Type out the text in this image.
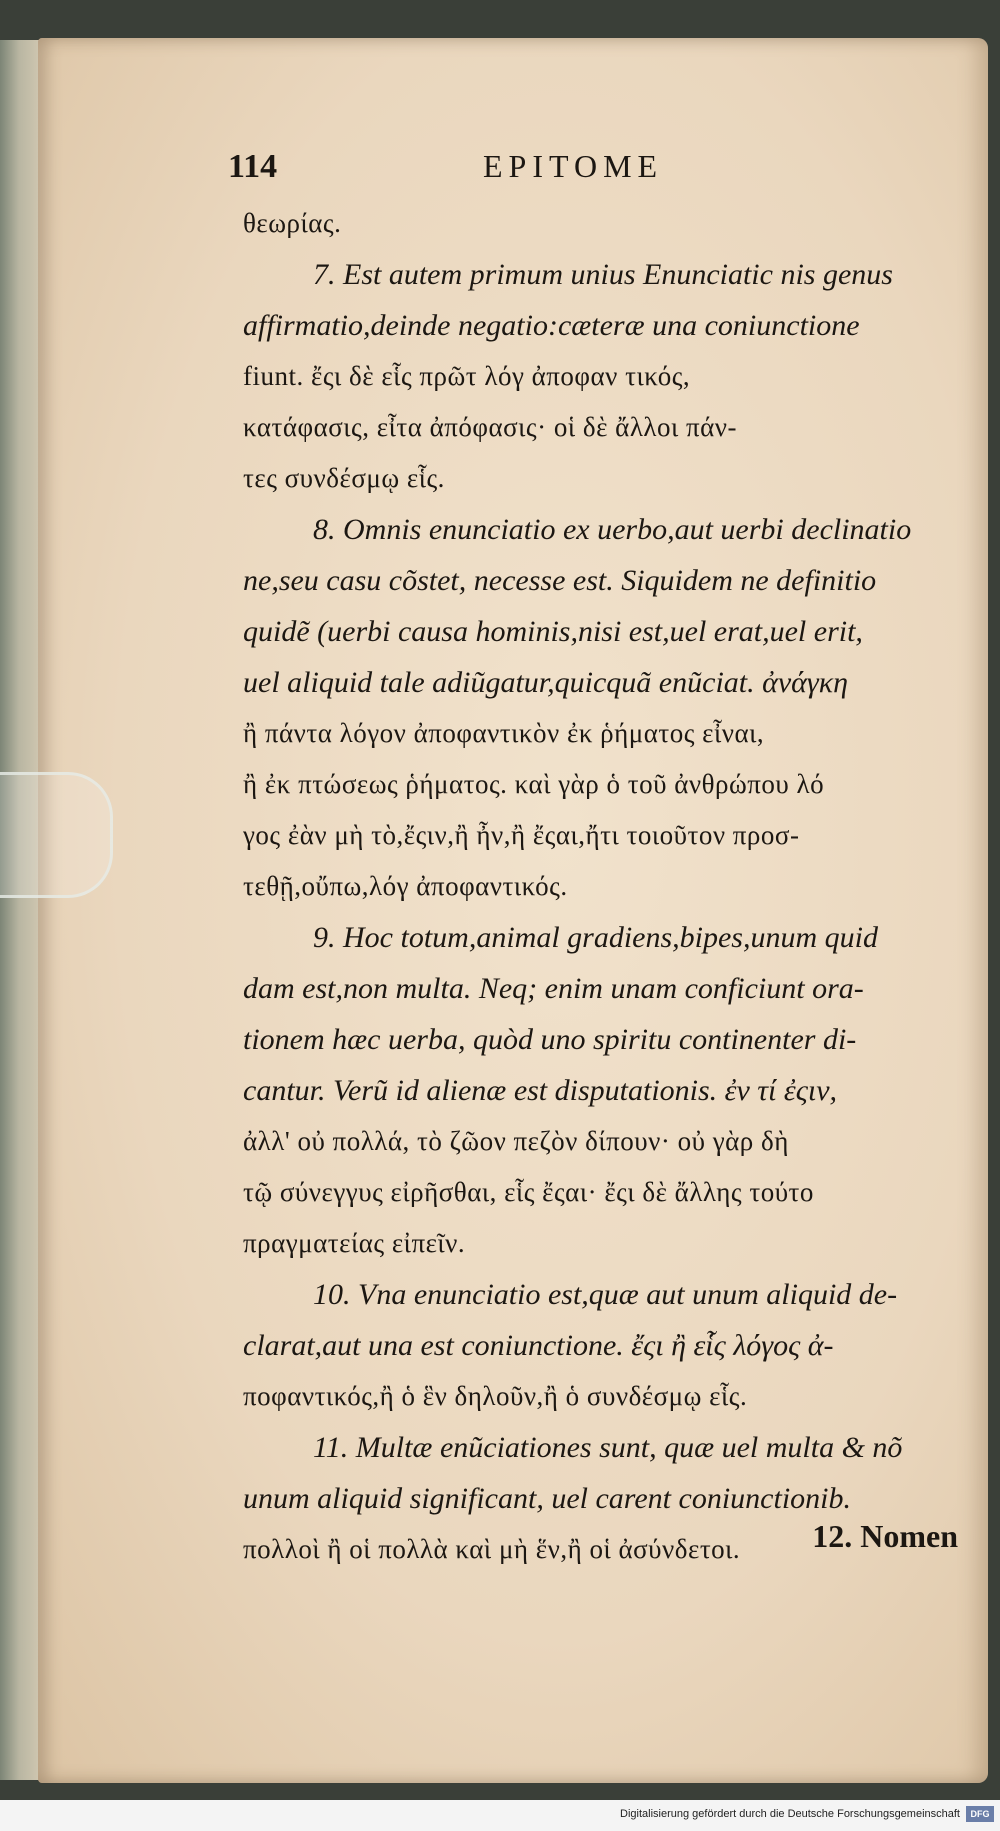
114	EPITOME
θεωρίας.
7. Est autem primum unius Enunciatic nis genus
affirmatio,deinde negatio:cæteræ una coniunctione
fiunt. ἔςι δὲ εἷς πρῶτ λόγ ἀποφαν τικός,
κατάφασις, εἶτα ἀπόφασις· οἱ δὲ ἄλλοι πάν-
τες συνδέσμῳ εἷς.
8. Omnis enunciatio ex uerbo,aut uerbi declinatio
ne,seu casu cõstet, necesse est. Siquidem ne definitio
quidẽ (uerbi causa hominis,nisi est,uel erat,uel erit,
uel aliquid tale adiũgatur,quicquã enũciat. ἀνάγκη
ἢ πάντα λόγον ἀποφαντικὸν ἐκ ῥήματος εἶναι,
ἢ ἐκ πτώσεως ῥήματος. καὶ γὰρ ὁ τοῦ ἀνθρώπου λό
γος ἐὰν μὴ τὸ,ἔςιν,ἢ ἦν,ἢ ἔςαι,ἤτι τοιοῦτον προσ-
τεθῇ,οὔπω,λόγ ἀποφαντικός.
9. Hoc totum,animal gradiens,bipes,unum quid
dam est,non multa. Neq; enim unam conficiunt ora-
tionem hæc uerba, quòd uno spiritu continenter di-
cantur. Verũ id alienæ est disputationis. ἐν τί ἐςιν,
ἀλλ' οὐ πολλά, τὸ ζῶον πεζὸν δίπουν· οὐ γὰρ δὴ
τῷ σύνεγγυς εἰρῆσθαι, εἷς ἔςαι· ἔςι δὲ ἄλλης τούτο
πραγματείας εἰπεῖν.
10. Vna enunciatio est,quæ aut unum aliquid de-
clarat,aut una est coniunctione. ἔςι ἢ εἷς λόγος ἀ-
ποφαντικός,ἢ ὁ ἓν δηλοῦν,ἢ ὁ συνδέσμῳ εἷς.
11. Multæ enũciationes sunt, quæ uel multa & nõ
unum aliquid significant, uel carent coniunctionib.
πολλοὶ ἢ οἱ πολλὰ καὶ μὴ ἕν,ἢ οἱ ἀσύνδετοι.	12. Nomen
Digitalisierung gefördert durch die Deutsche Forschungsgemeinschaft	DFG
